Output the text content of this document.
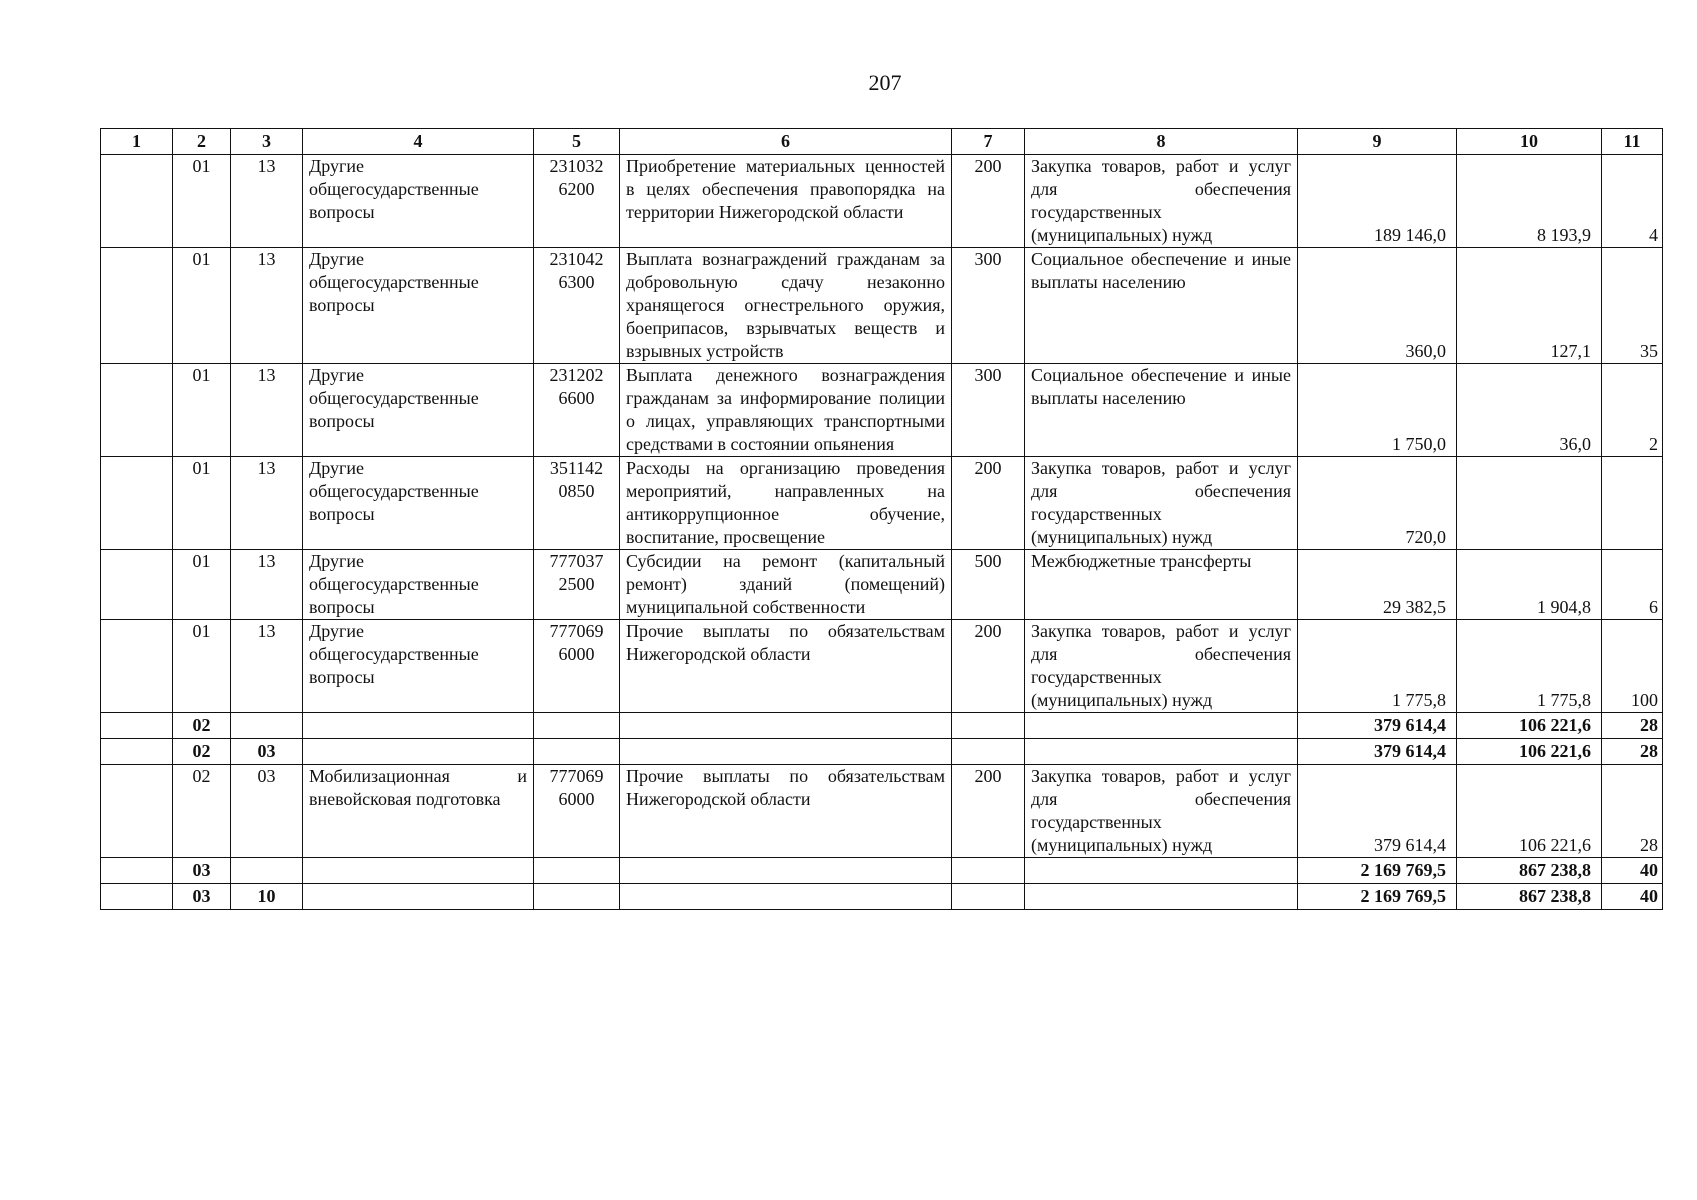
207
1	2	3	4	5	6	7	8	9	10	11
	01	13	Другие общегосударственные вопросы	231032 6200	Приобретение материальных ценностей в целях обеспечения правопорядка на территории Нижегородской области	200	Закупка товаров, работ и услуг для обеспечения государственных (муниципальных) нужд	189 146,0	8 193,9	4
	01	13	Другие общегосударственные вопросы	231042 6300	Выплата вознаграждений гражданам за добровольную сдачу незаконно хранящегося огнестрельного оружия, боеприпасов, взрывчатых веществ и взрывных устройств	300	Социальное обеспечение и иные выплаты населению	360,0	127,1	35
	01	13	Другие общегосударственные вопросы	231202 6600	Выплата денежного вознаграждения гражданам за информирование полиции о лицах, управляющих транспортными средствами в состоянии опьянения	300	Социальное обеспечение и иные выплаты населению	1 750,0	36,0	2
	01	13	Другие общегосударственные вопросы	351142 0850	Расходы на организацию проведения мероприятий, направленных на антикоррупционное обучение, воспитание, просвещение	200	Закупка товаров, работ и услуг для обеспечения государственных (муниципальных) нужд	720,0		
	01	13	Другие общегосударственные вопросы	777037 2500	Субсидии на ремонт (капитальный ремонт) зданий (помещений) муниципальной собственности	500	Межбюджетные трансферты	29 382,5	1 904,8	6
	01	13	Другие общегосударственные вопросы	777069 6000	Прочие выплаты по обязательствам Нижегородской области	200	Закупка товаров, работ и услуг для обеспечения государственных (муниципальных) нужд	1 775,8	1 775,8	100
	02							379 614,4	106 221,6	28
	02	03						379 614,4	106 221,6	28
	02	03	Мобилизационная и вневойсковая подготовка	777069 6000	Прочие выплаты по обязательствам Нижегородской области	200	Закупка товаров, работ и услуг для обеспечения государственных (муниципальных) нужд	379 614,4	106 221,6	28
	03							2 169 769,5	867 238,8	40
	03	10						2 169 769,5	867 238,8	40
